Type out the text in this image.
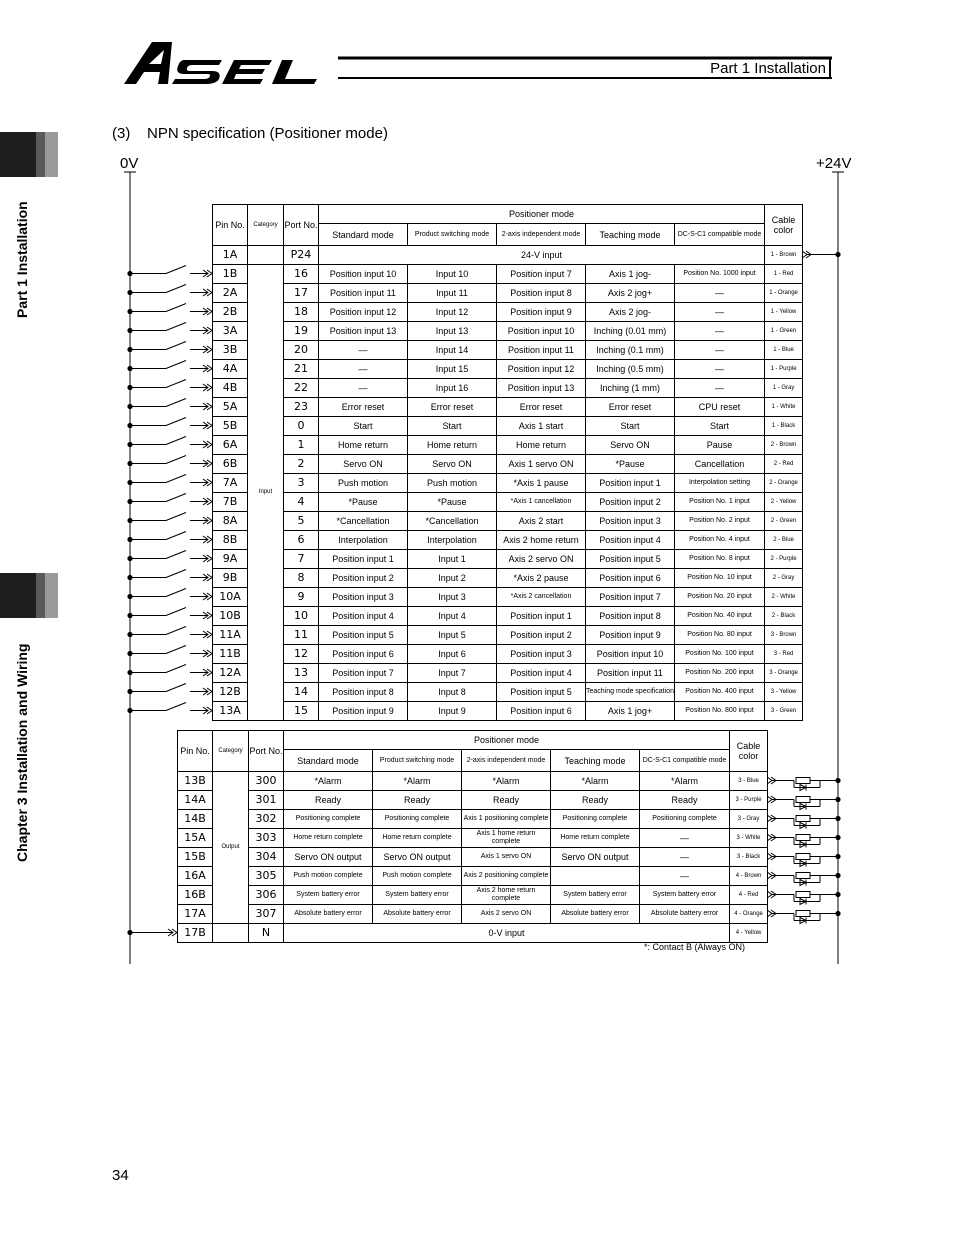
Part 1 Installation
(3)    NPN specification (Positioner mode)
Part 1 Installation
Chapter 3 Installation and Wiring
0V	+24V
Pin No.	Category	Port No.	Positioner mode					Cable color
			Standard mode	Product switching mode	2-axis independent mode	Teaching mode	DC-S-C1 compatible mode	
1A		P24	24-V input					1 - Brown
1B	Input	16	Position input 10	Input 10	Position input 7	Axis 1 jog-	Position No. 1000 input	1 - Red
2A		17	Position input 11	Input 11	Position input 8	Axis 2 jog+	—	1 - Orange
2B		18	Position input 12	Input 12	Position input 9	Axis 2 jog-	—	1 - Yellow
3A		19	Position input 13	Input 13	Position input 10	Inching (0.01 mm)	—	1 - Green
3B		20	—	Input 14	Position input 11	Inching (0.1 mm)	—	1 - Blue
4A		21	—	Input 15	Position input 12	Inching (0.5 mm)	—	1 - Purple
4B		22	—	Input 16	Position input 13	Inching (1 mm)	—	1 - Gray
5A		23	Error reset	Error reset	Error reset	Error reset	CPU reset	1 - White
5B		0	Start	Start	Axis 1 start	Start	Start	1 - Black
6A		1	Home return	Home return	Home return	Servo ON	Pause	2 - Brown
6B		2	Servo ON	Servo ON	Axis 1 servo ON	*Pause	Cancellation	2 - Red
7A		3	Push motion	Push motion	*Axis 1 pause	Position input 1	Interpolation setting	2 - Orange
7B		4	*Pause	*Pause	*Axis 1 cancellation	Position input 2	Position No. 1 input	2 - Yellow
8A		5	*Cancellation	*Cancellation	Axis 2 start	Position input 3	Position No. 2 input	2 - Green
8B		6	Interpolation	Interpolation	Axis 2 home return	Position input 4	Position No. 4 input	2 - Blue
9A		7	Position input 1	Input 1	Axis 2 servo ON	Position input 5	Position No. 8 input	2 - Purple
9B		8	Position input 2	Input 2	*Axis 2 pause	Position input 6	Position No. 10 input	2 - Gray
10A		9	Position input 3	Input 3	*Axis 2 cancellation	Position input 7	Position No. 20 input	2 - White
10B		10	Position input 4	Input 4	Position input 1	Position input 8	Position No. 40 input	2 - Black
11A		11	Position input 5	Input 5	Position input 2	Position input 9	Position No. 80 input	3 - Brown
11B		12	Position input 6	Input 6	Position input 3	Position input 10	Position No. 100 input	3 - Red
12A		13	Position input 7	Input 7	Position input 4	Position input 11	Position No. 200 input	3 - Orange
12B		14	Position input 8	Input 8	Position input 5	Teaching mode specification	Position No. 400 input	3 - Yellow
13A		15	Position input 9	Input 9	Position input 6	Axis 1 jog+	Position No. 800 input	3 - Green
Pin No.	Category	Port No.	Positioner mode					Cable color
			Standard mode	Product switching mode	2-axis independent mode	Teaching mode	DC-S-C1 compatible mode	
13B	Output	300	*Alarm	*Alarm	*Alarm	*Alarm	*Alarm	3 - Blue
14A		301	Ready	Ready	Ready	Ready	Ready	3 - Purple
14B		302	Positioning complete	Positioning complete	Axis 1 positioning complete	Positioning complete	Positioning complete	3 - Gray
15A		303	Home return complete	Home return complete	Axis 1 home return complete	Home return complete	—	3 - White
15B		304	Servo ON output	Servo ON output	Axis 1 servo ON	Servo ON output	—	3 - Black
16A		305	Push motion complete	Push motion complete	Axis 2 positioning complete		—	4 - Brown
16B		306	System battery error	System battery error	Axis 2 home return complete	System battery error	System battery error	4 - Red
17A		307	Absolute battery error	Absolute battery error	Axis 2 servo ON	Absolute battery error	Absolute battery error	4 - Orange
17B		N	0-V input					4 - Yellow
*: Contact B (Always ON)
34
